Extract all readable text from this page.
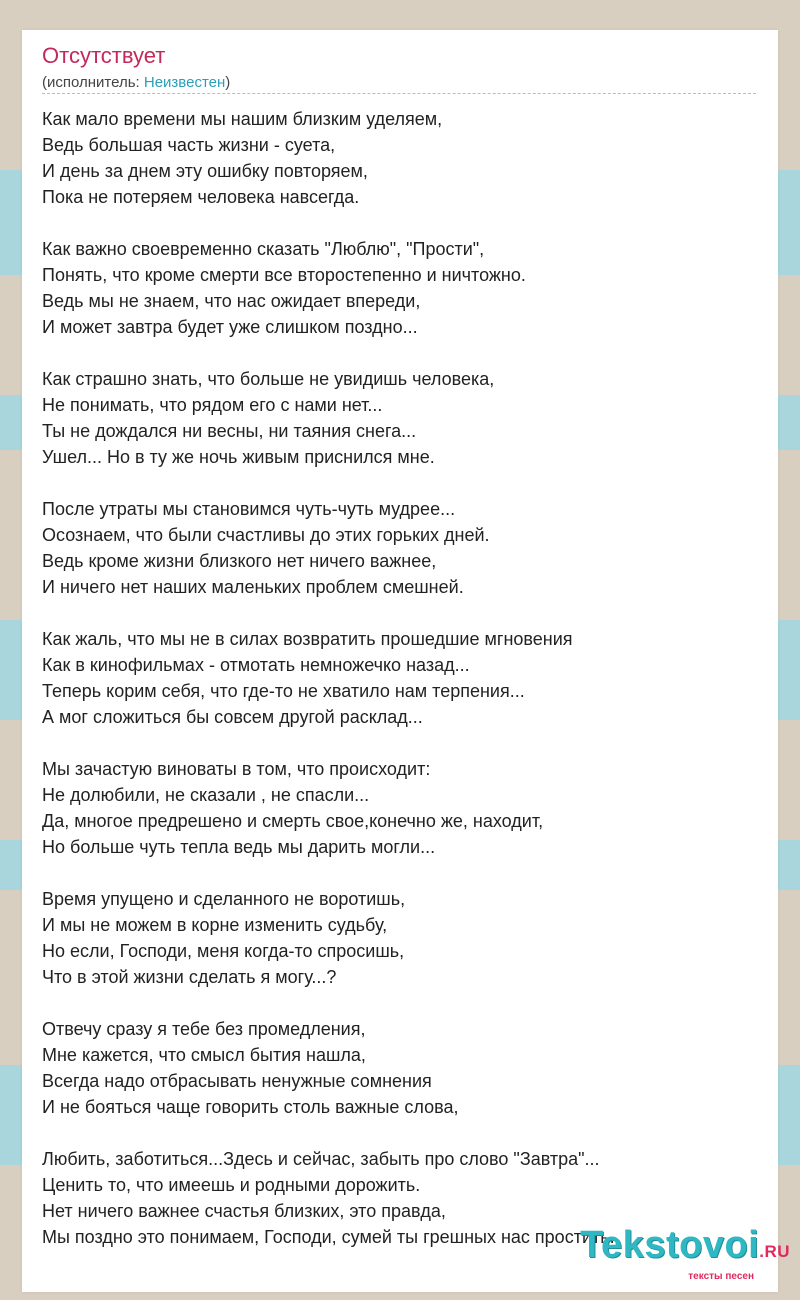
Отсутствует
(исполнитель: Неизвестен)
Как мало времени мы нашим близким уделяем,
Ведь большая часть жизни - суета,
И день за днем эту ошибку повторяем,
Пока не потеряем человека навсегда.
Как важно своевременно сказать "Люблю", "Прости",
Понять, что кроме смерти все второстепенно и ничтожно.
Ведь мы не знаем, что нас ожидает впереди,
И может завтра будет уже слишком поздно...
Как страшно знать, что больше не увидишь человека,
Не понимать, что рядом его с нами нет...
Ты не дождался ни весны, ни таяния снега...
Ушел... Но в ту же ночь живым приснился мне.
После утраты мы становимся чуть-чуть мудрее...
Осознаем, что были счастливы до этих горьких дней.
Ведь кроме жизни близкого нет ничего важнее,
И ничего нет наших маленьких проблем смешней.
Как жаль, что мы не в силах возвратить прошедшие мгновения
Как в кинофильмах - отмотать немножечко назад...
Теперь корим себя, что где-то не хватило нам терпения...
А мог сложиться бы совсем другой расклад...
Мы зачастую виноваты в том, что происходит:
Не долюбили, не сказали , не спасли...
Да, многое предрешено и смерть свое,конечно же, находит,
Но больше чуть тепла ведь мы дарить могли...
Время упущено и сделанного не воротишь,
И мы не можем в корне изменить судьбу,
Но если, Господи, меня когда-то спросишь,
Что в этой жизни сделать я могу...?
Отвечу сразу я тебе без промедления,
Мне кажется, что смысл бытия нашла,
Всегда надо отбрасывать ненужные сомнения
И не бояться чаще говорить столь важные слова,
Любить, заботиться...Здесь и сейчас, забыть про слово "Завтра"...
Ценить то, что имеешь и родными дорожить.
Нет ничего важнее счастья близких, это правда,
Мы поздно это понимаем, Господи, сумей ты грешных нас простить.
Tekstovoi.RU
тексты песен
